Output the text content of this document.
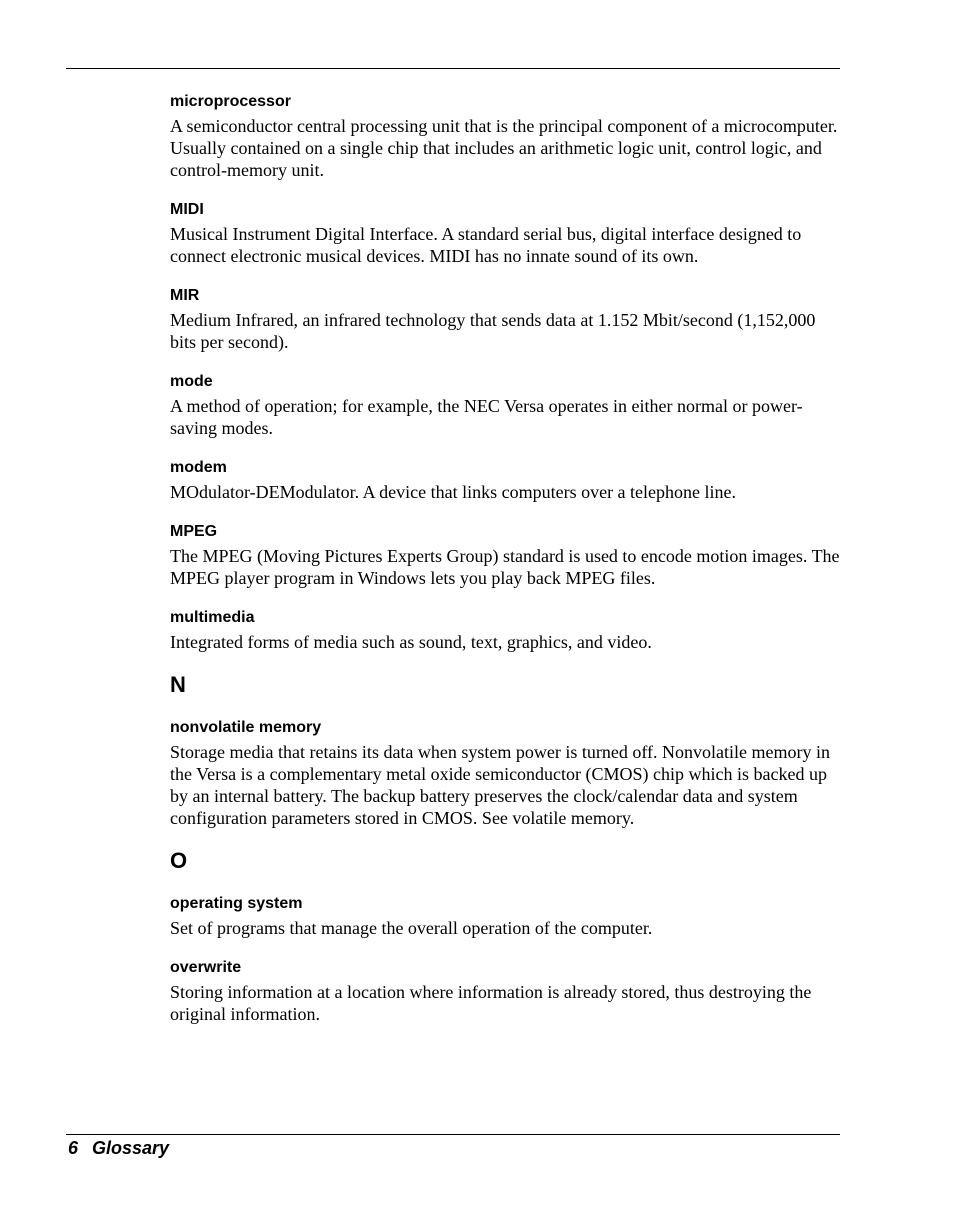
microprocessor

A semiconductor central processing unit that is the principal component of a microcomputer. Usually contained on a single chip that includes an arithmetic logic unit, control logic, and control-memory unit.

MIDI

Musical Instrument Digital Interface. A standard serial bus, digital interface designed to connect electronic musical devices. MIDI has no innate sound of its own.

MIR

Medium Infrared, an infrared technology that sends data at 1.152 Mbit/second (1,152,000 bits per second).

mode

A method of operation; for example, the NEC Versa operates in either normal or power-saving modes.

modem

MOdulator-DEModulator. A device that links computers over a telephone line.

MPEG

The MPEG (Moving Pictures Experts Group) standard is used to encode motion images. The MPEG player program in Windows lets you play back MPEG files.

multimedia

Integrated forms of media such as sound, text, graphics, and video.

N

nonvolatile memory

Storage media that retains its data when system power is turned off. Nonvolatile memory in the Versa is a complementary metal oxide semiconductor (CMOS) chip which is backed up by an internal battery. The backup battery preserves the clock/calendar data and system configuration parameters stored in CMOS. See volatile memory.

O

operating system

Set of programs that manage the overall operation of the computer.

overwrite

Storing information at a location where information is already stored, thus destroying the original information.

6 Glossary
